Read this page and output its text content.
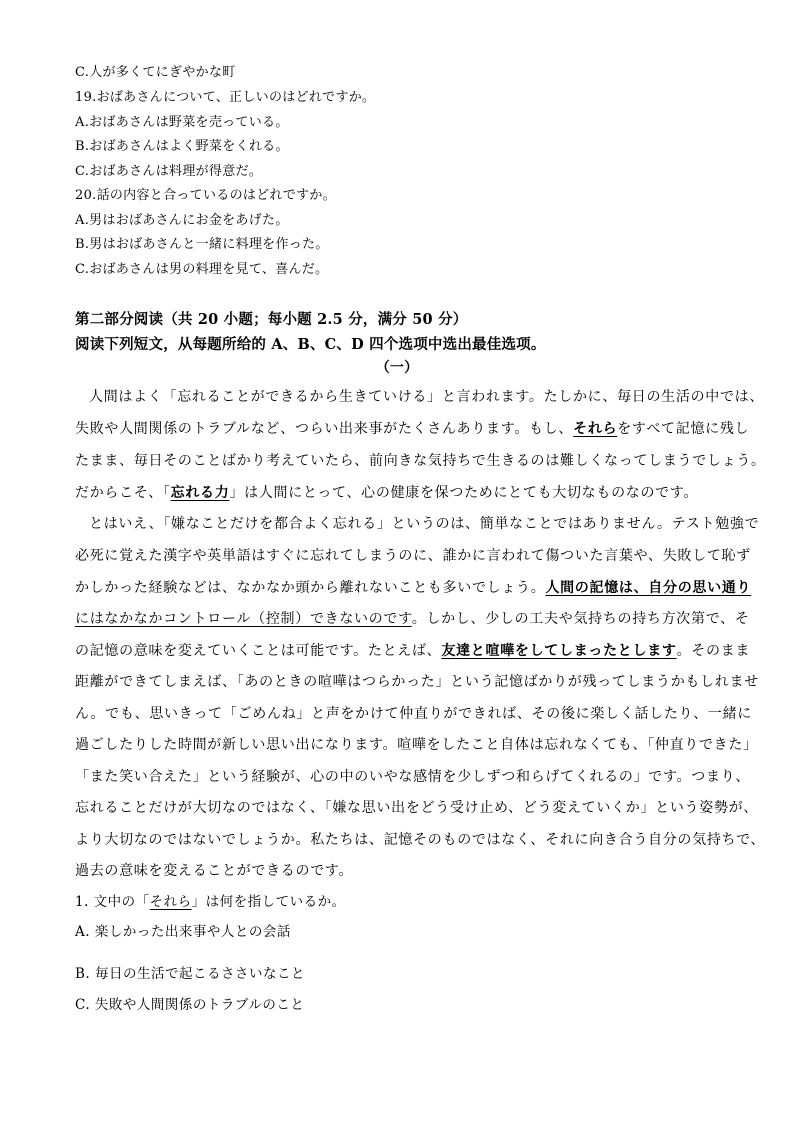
C.人が多くてにぎやかな町
19.おばあさんについて、正しいのはどれですか。
A.おばあさんは野菜を売っている。
B.おばあさんはよく野菜をくれる。
C.おばあさんは料理が得意だ。
20.話の内容と合っているのはどれですか。
A.男はおばあさんにお金をあげた。
B.男はおばあさんと一緒に料理を作った。
C.おばあさんは男の料理を見て、喜んだ。
第二部分阅读（共 20 小题；每小题 2.5 分，满分 50 分）
阅读下列短文，从每题所给的 A、B、C、D 四个选项中选出最佳选项。
（一）
人間はよく「忘れることができるから生きていける」と言われます。たしかに、毎日の生活の中では、
失敗や人間関係のトラブルなど、つらい出来事がたくさんあります。もし、それらをすべて記憶に残し
たまま、毎日そのことばかり考えていたら、前向きな気持ちで生きるのは難しくなってしまうでしょう。
だからこそ、「忘れる力」は人間にとって、心の健康を保つためにとても大切なものなのです。
とはいえ、「嫌なことだけを都合よく忘れる」というのは、簡単なことではありません。テスト勉強で
必死に覚えた漢字や英単語はすぐに忘れてしまうのに、誰かに言われて傷ついた言葉や、失敗して恥ず
かしかった経験などは、なかなか頭から離れないことも多いでしょう。人間の記憶は、自分の思い通り
にはなかなかコントロール（控制）できないのです。しかし、少しの工夫や気持ちの持ち方次第で、そ
の記憶の意味を変えていくことは可能です。たとえば、友達と喧嘩をしてしまったとします。そのまま
距離ができてしまえば、「あのときの喧嘩はつらかった」という記憶ばかりが残ってしまうかもしれませ
ん。でも、思いきって「ごめんね」と声をかけて仲直りができれば、その後に楽しく話したり、一緒に
過ごしたりした時間が新しい思い出になります。喧嘩をしたこと自体は忘れなくても、「仲直りできた」
「また笑い合えた」という経験が、心の中のいやな感情を少しずつ和らげてくれるの」です。つまり、
忘れることだけが大切なのではなく、「嫌な思い出をどう受け止め、どう変えていくか」という姿勢が、
より大切なのではないでしょうか。私たちは、記憶そのものではなく、それに向き合う自分の気持ちで、
過去の意味を変えることができるのです。
1. 文中の「それら」は何を指しているか。
A. 楽しかった出来事や人との会話
B. 毎日の生活で起こるささいなこと
C. 失敗や人間関係のトラブルのこと
